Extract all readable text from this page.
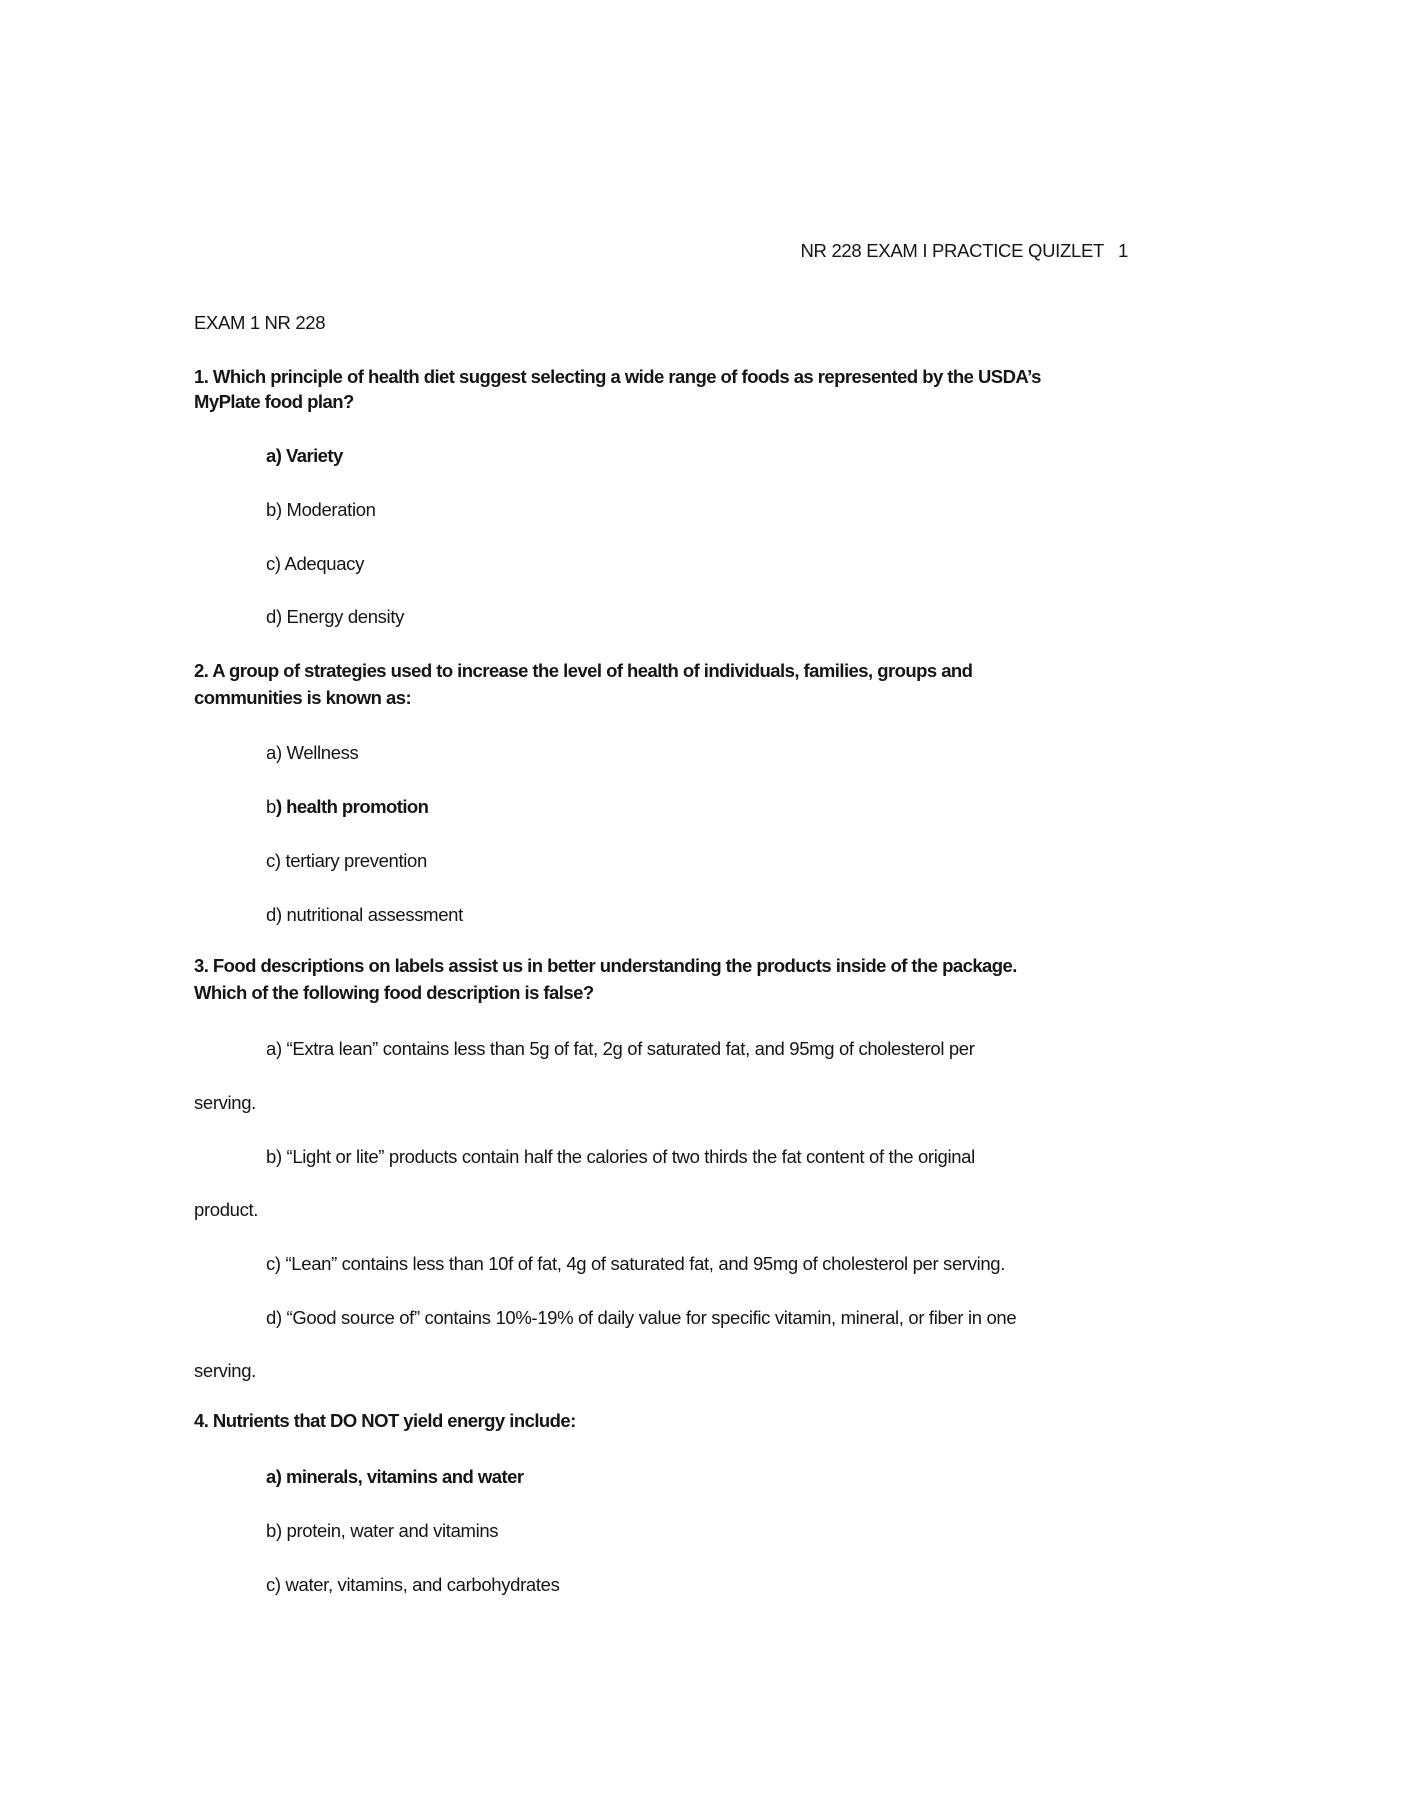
NR 228 EXAM I PRACTICE QUIZLET 1
EXAM 1 NR 228
1. Which principle of health diet suggest selecting a wide range of foods as represented by the USDA’s
MyPlate food plan?
a) Variety
b) Moderation
c) Adequacy
d) Energy density
2. A group of strategies used to increase the level of health of individuals, families, groups and
communities is known as:
a) Wellness
b) health promotion
c) tertiary prevention
d) nutritional assessment
3. Food descriptions on labels assist us in better understanding the products inside of the package.
Which of the following food description is false?
a) “Extra lean” contains less than 5g of fat, 2g of saturated fat, and 95mg of cholesterol per
serving.
b) “Light or lite” products contain half the calories of two thirds the fat content of the original
product.
c) “Lean” contains less than 10f of fat, 4g of saturated fat, and 95mg of cholesterol per serving.
d) “Good source of” contains 10%-19% of daily value for specific vitamin, mineral, or fiber in one
serving.
4. Nutrients that DO NOT yield energy include:
a) minerals, vitamins and water
b) protein, water and vitamins
c) water, vitamins, and carbohydrates
